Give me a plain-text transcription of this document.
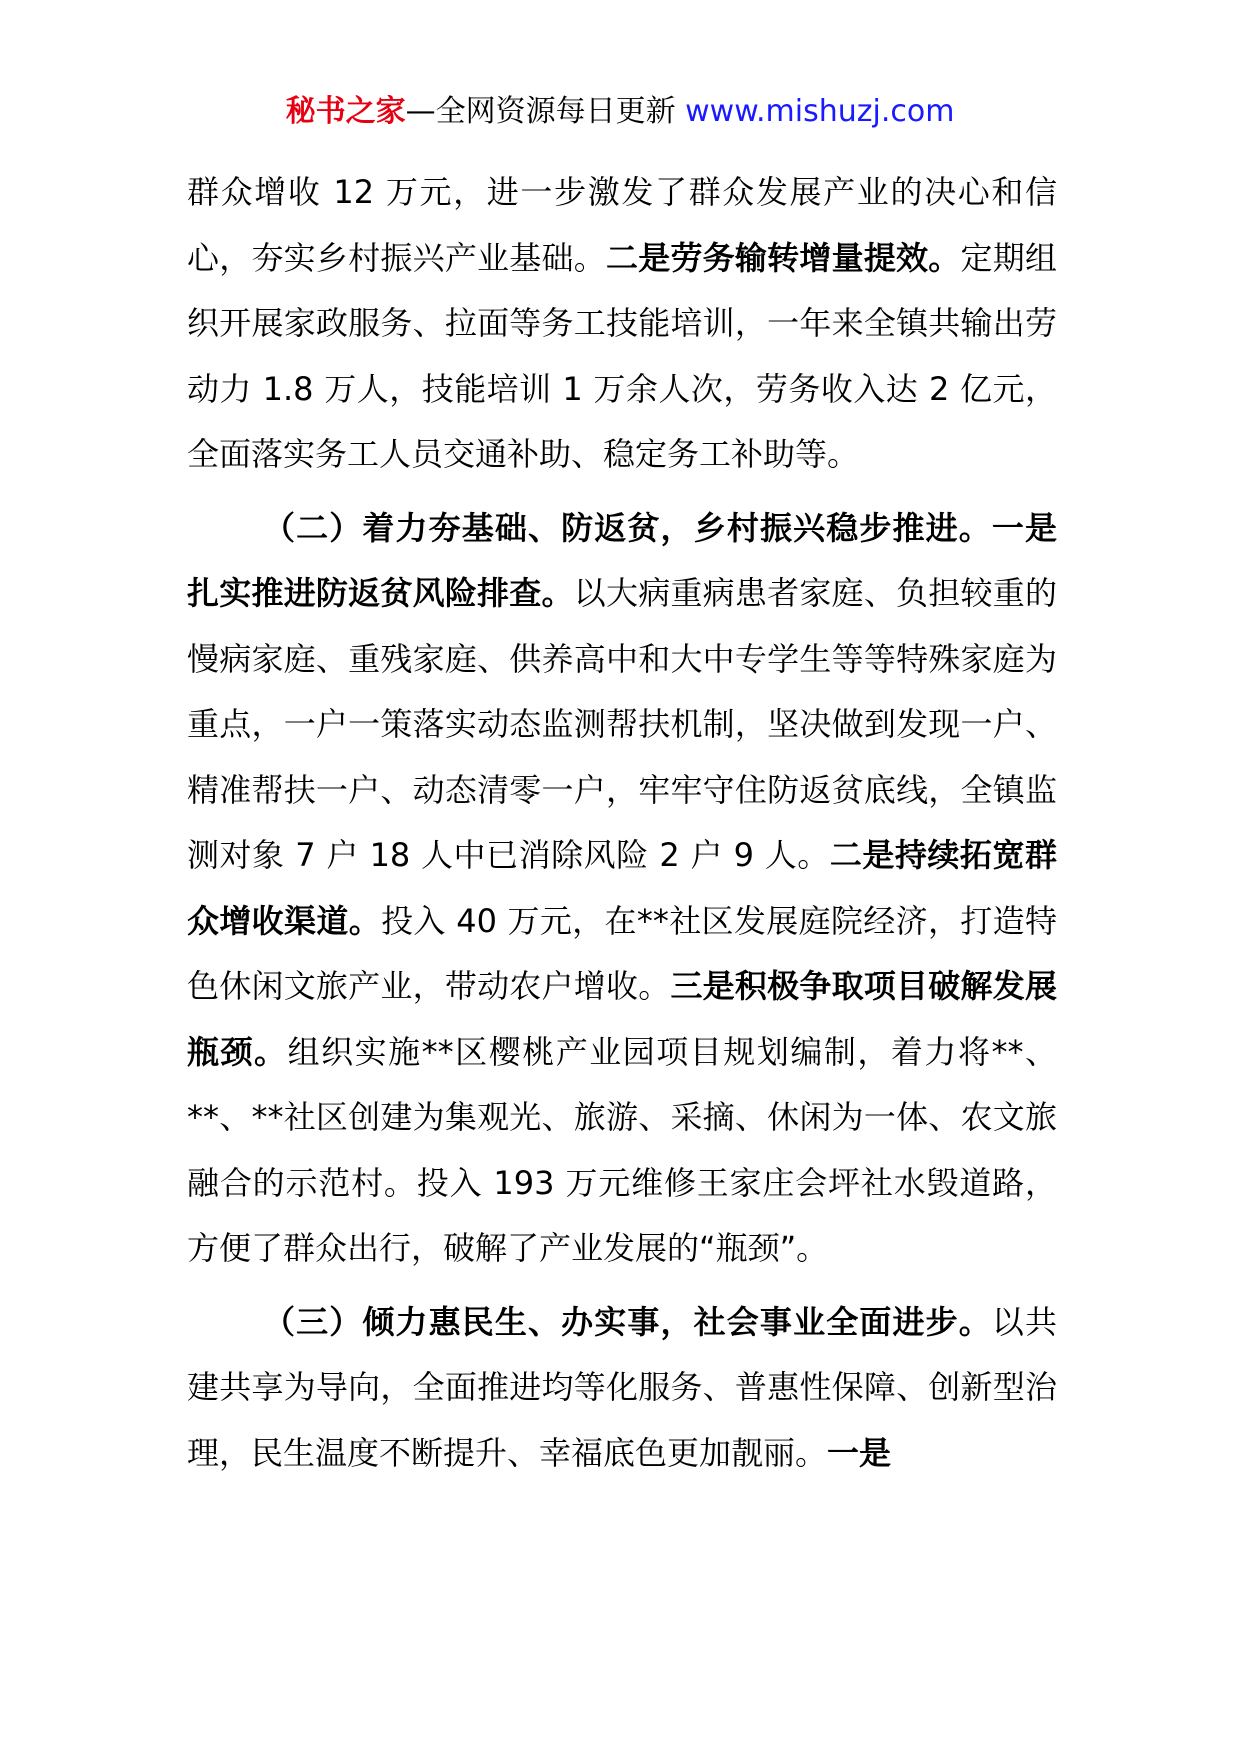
秘书之家—全网资源每日更新 www.mishuzj.com

群众增收 12 万元，进一步激发了群众发展产业的决心和信心，夯实乡村振兴产业基础。二是劳务输转增量提效。定期组织开展家政服务、拉面等务工技能培训，一年来全镇共输出劳动力 1.8 万人，技能培训 1 万余人次，劳务收入达 2 亿元，全面落实务工人员交通补助、稳定务工补助等。

（二）着力夯基础、防返贫，乡村振兴稳步推进。一是扎实推进防返贫风险排查。以大病重病患者家庭、负担较重的慢病家庭、重残家庭、供养高中和大中专学生等等特殊家庭为重点，一户一策落实动态监测帮扶机制，坚决做到发现一户、精准帮扶一户、动态清零一户，牢牢守住防返贫底线，全镇监测对象 7 户 18 人中已消除风险 2 户 9 人。二是持续拓宽群众增收渠道。投入 40 万元，在**社区发展庭院经济，打造特色休闲文旅产业，带动农户增收。三是积极争取项目破解发展瓶颈。组织实施**区樱桃产业园项目规划编制，着力将**、**、**社区创建为集观光、旅游、采摘、休闲为一体、农文旅融合的示范村。投入 193 万元维修王家庄会坪社水毁道路，方便了群众出行，破解了产业发展的“瓶颈”。

（三）倾力惠民生、办实事，社会事业全面进步。以共建共享为导向，全面推进均等化服务、普惠性保障、创新型治理，民生温度不断提升、幸福底色更加靓丽。一是
